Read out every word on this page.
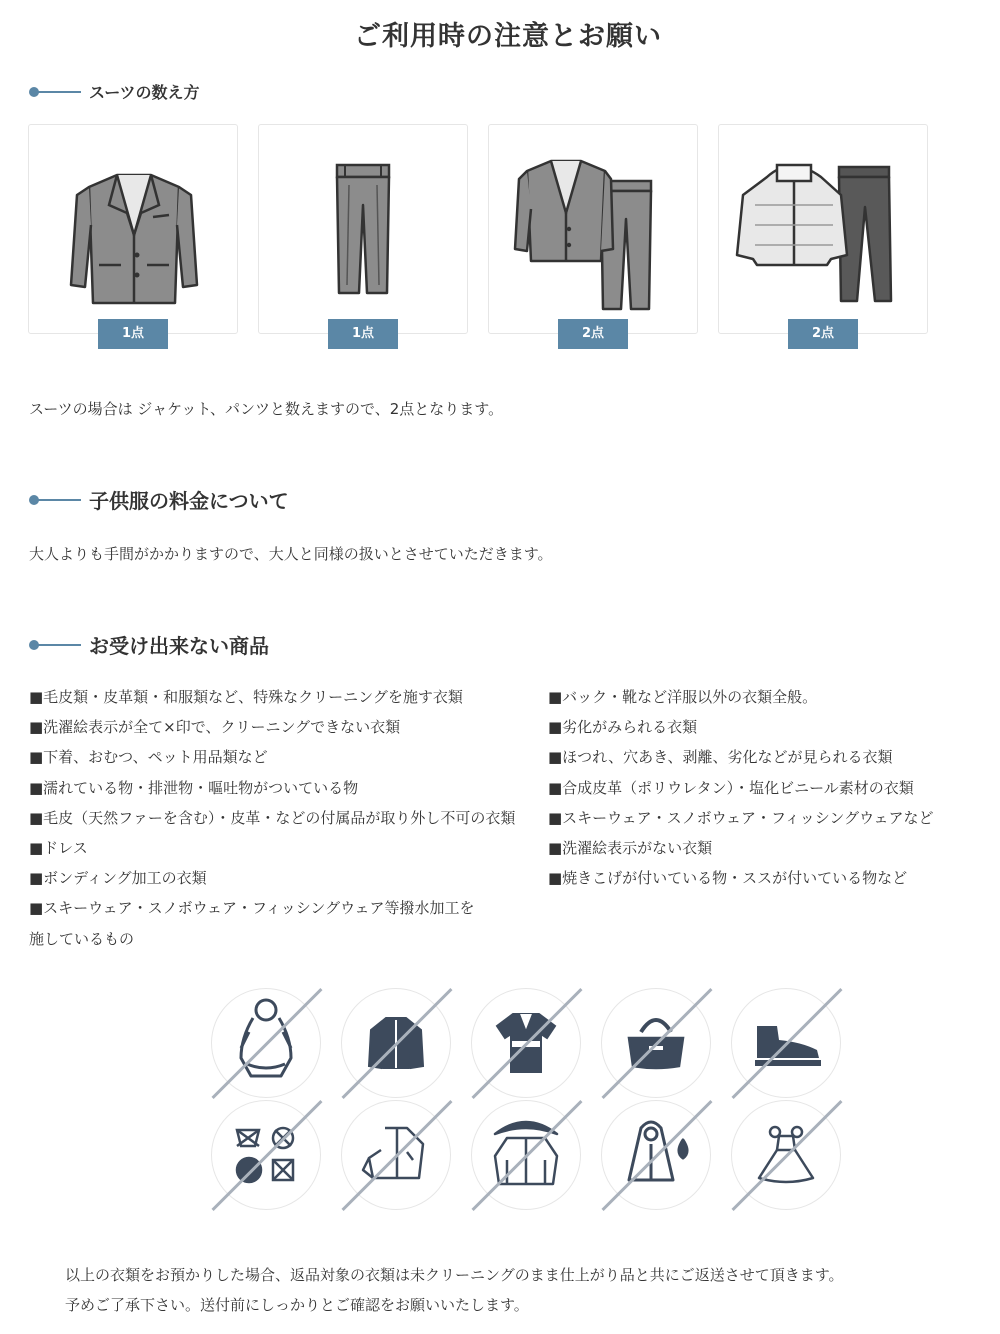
ご利用時の注意とお願い
スーツの数え方
1点	1点	2点	2点
スーツの場合は ジャケット、パンツと数えますので、2点となります。
子供服の料金について
大人よりも手間がかかりますので、大人と同様の扱いとさせていただきます。
お受け出来ない商品
■毛皮類・皮革類・和服類など、特殊なクリーニングを施す衣類
■洗濯絵表示が全て×印で、クリーニングできない衣類
■下着、おむつ、ペット用品類など
■濡れている物・排泄物・嘔吐物がついている物
■毛皮（天然ファーを含む）・皮革・などの付属品が取り外し不可の衣類
■ドレス
■ボンディング加工の衣類
■スキーウェア・スノボウェア・フィッシングウェア等撥水加工を
施しているもの
■バック・靴など洋服以外の衣類全般。
■劣化がみられる衣類
■ほつれ、穴あき、剥離、劣化などが見られる衣類
■合成皮革（ポリウレタン）・塩化ビニール素材の衣類
■スキーウェア・スノボウェア・フィッシングウェアなど
■洗濯絵表示がない衣類
■焼きこげが付いている物・ススが付いている物など
以上の衣類をお預かりした場合、返品対象の衣類は未クリーニングのまま仕上がり品と共にご返送させて頂きます。
予めご了承下さい。送付前にしっかりとご確認をお願いいたします。
